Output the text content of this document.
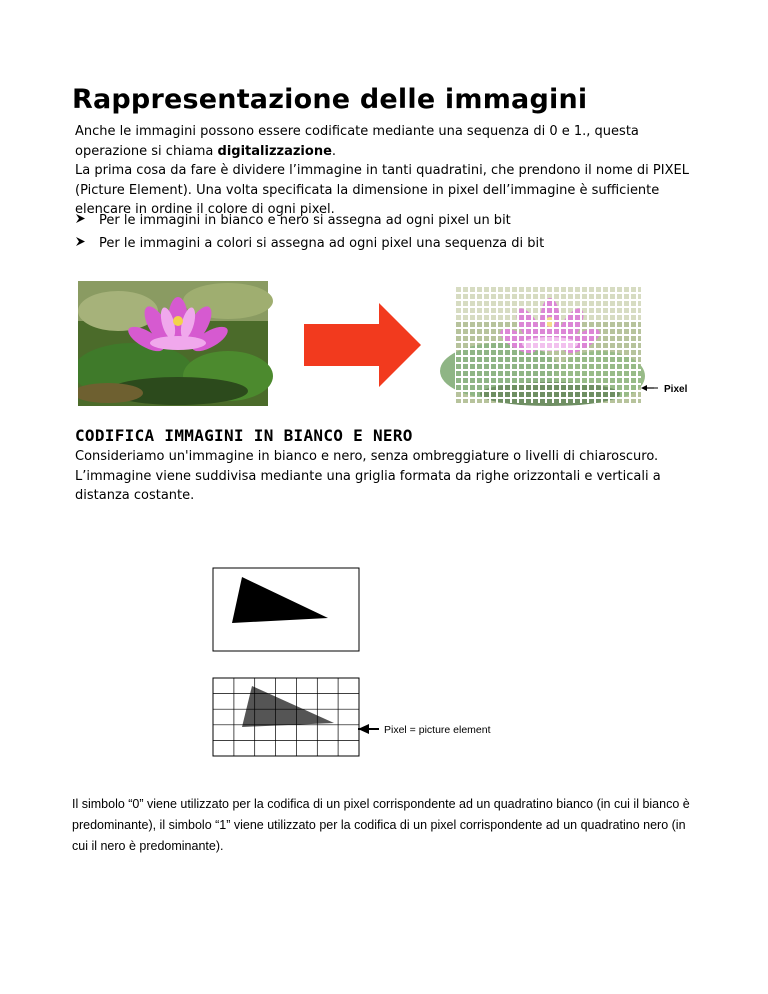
Rappresentazione delle immagini

Anche le immagini possono essere codificate mediante una sequenza di 0 e 1., questa operazione si chiama digitalizzazione.

La prima cosa da fare è dividere l’immagine in tanti quadratini, che prendono il nome di PIXEL (Picture Element). Una volta specificata la dimensione in pixel dell’immagine è sufficiente elencare in ordine il colore di ogni pixel.

Per le immagini in bianco e nero si assegna ad ogni pixel un bit
Per le immagini a colori si assegna ad ogni pixel una sequenza di bit
Pixel
CODIFICA IMMAGINI IN BIANCO E NERO

Consideriamo un'immagine in bianco e nero, senza ombreggiature o livelli di chiaroscuro. L’immagine viene suddivisa mediante una griglia formata da righe orizzontali e verticali a distanza costante.

Pixel = picture element

Il simbolo “0” viene utilizzato per la codifica di un pixel corrispondente ad un quadratino bianco (in cui il bianco è predominante), il simbolo “1” viene utilizzato per la codifica di un pixel corrispondente ad un quadratino nero (in cui il nero è predominante).
